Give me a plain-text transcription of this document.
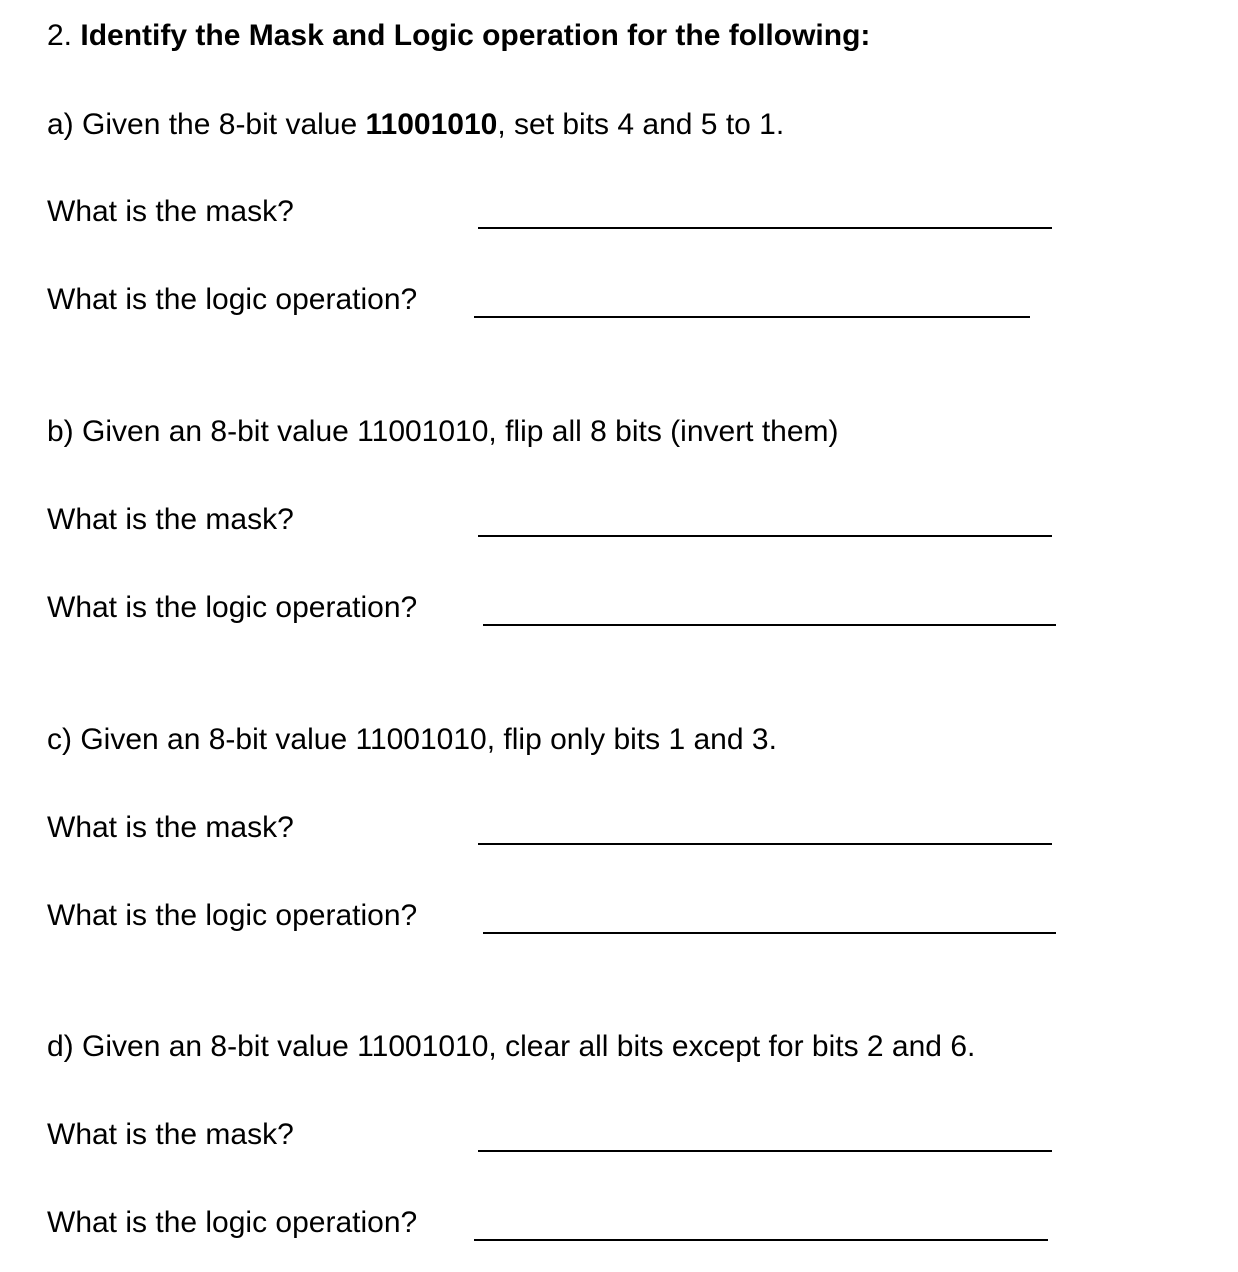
2. Identify the Mask and Logic operation for the following:
a) Given the 8-bit value 11001010, set bits 4 and 5 to 1.
What is the mask?
What is the logic operation?
b) Given an 8-bit value 11001010, flip all 8 bits (invert them)
What is the mask?
What is the logic operation?
c) Given an 8-bit value 11001010, flip only bits 1 and 3.
What is the mask?
What is the logic operation?
d) Given an 8-bit value 11001010, clear all bits except for bits 2 and 6.
What is the mask?
What is the logic operation?
